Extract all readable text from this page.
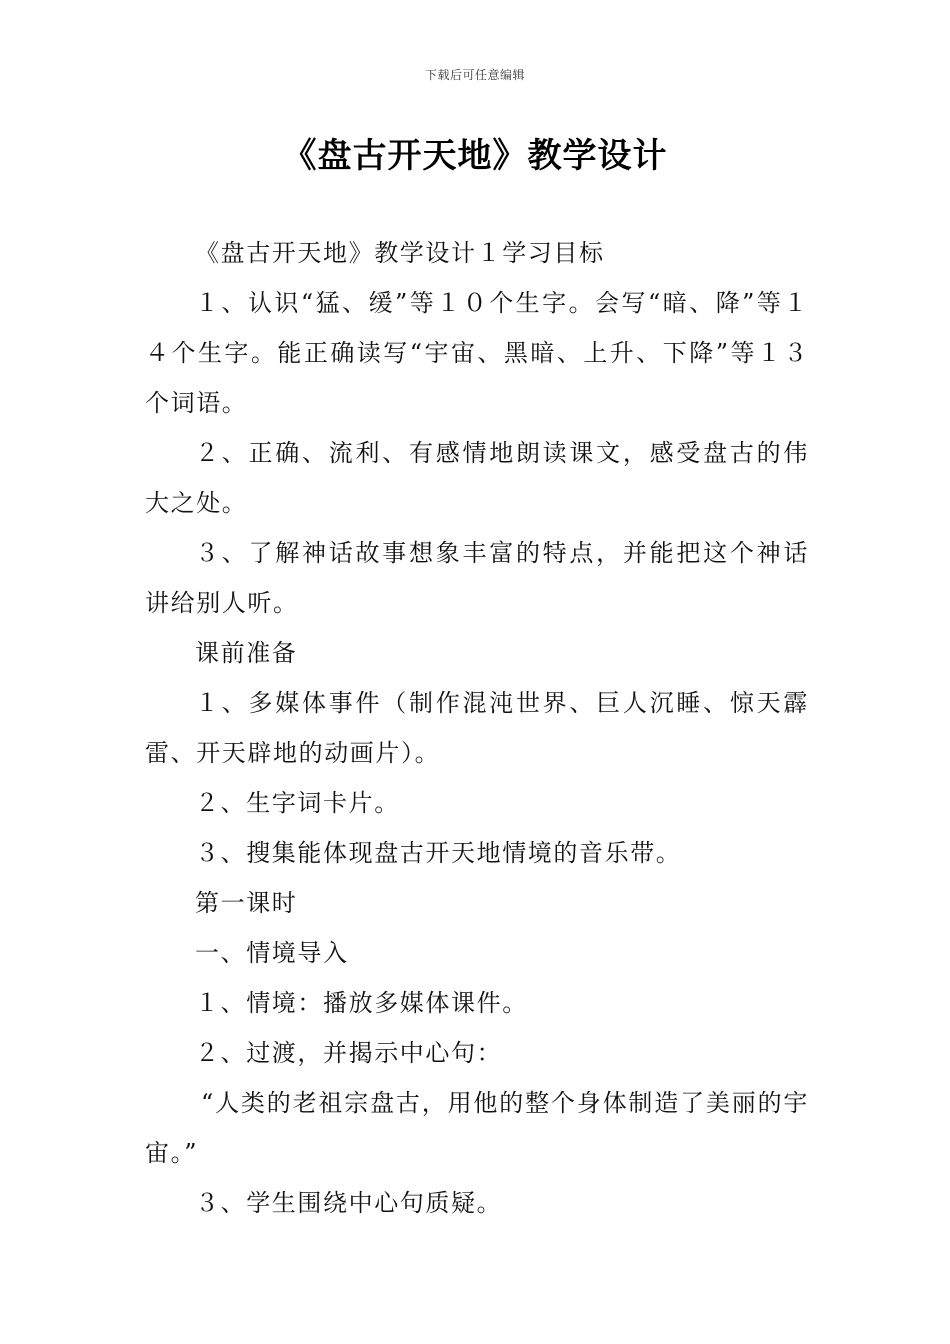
下载后可任意编辑
《盘古开天地》教学设计

《盘古开天地》教学设计１学习目标

１、认识“猛、缓”等１０个生字。会写“暗、降”等１４个生字。能正确读写“宇宙、黑暗、上升、下降”等１３个词语。

２、正确、流利、有感情地朗读课文，感受盘古的伟大之处。

３、了解神话故事想象丰富的特点，并能把这个神话讲给别人听。

课前准备

１、多媒体事件（制作混沌世界、巨人沉睡、惊天霹雷、开天辟地的动画片）。

２、生字词卡片。

３、搜集能体现盘古开天地情境的音乐带。

第一课时

一、情境导入

１、情境：播放多媒体课件。

２、过渡，并揭示中心句：

“人类的老祖宗盘古，用他的整个身体制造了美丽的宇宙。”

３、学生围绕中心句质疑。
